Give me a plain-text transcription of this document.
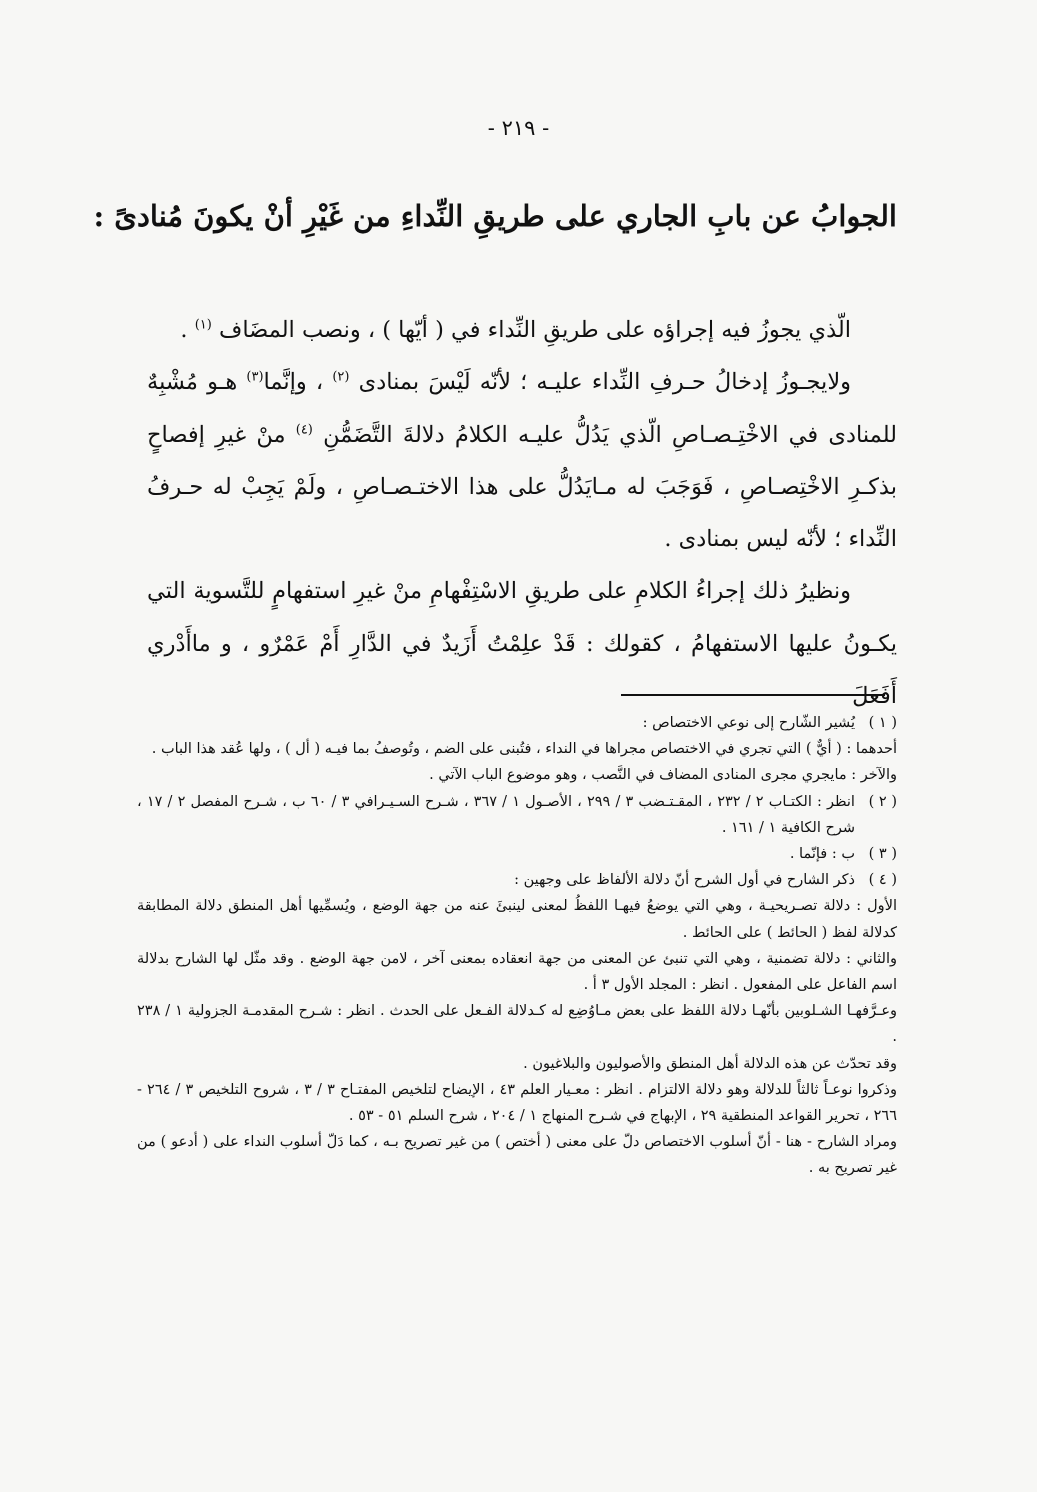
- ٢١٩ -
الجوابُ عن بابِ الجاري على طريقِ النِّداءِ من غَيْرِ أنْ يكونَ مُنادىً :

الّذي يجوزُ فيه إجراؤه على طريقِ النِّداء في ( أيّها ) ، ونصب المضَاف $^{(١)}$ .

ولايجـوزُ إدخالُ حـرفِ النِّداء عليـه ؛ لأنّه لَيْسَ بمنادى $^{(٢)}$ ، وإنَّما$^{(٣)}$ هـو مُشْبِهٌ للمنادى في الاخْتِـصـاصِ الّذي يَدُلُّ عليـه الكلامُ دلالةَ التَّضَمُّنِ $^{(٤)}$ منْ غيرِ إفصاحٍ بذكـرِ الاخْتِصـاصِ ، فَوَجَبَ له مـايَدُلُّ على هذا الاختـصـاصِ ، ولَمْ يَجِبْ له حـرفُ النِّداء ؛ لأنّه ليس بمنادى .

ونظيرُ ذلك إجراءُ الكلامِ على طريقِ الاسْتِفْهامِ منْ غيرِ استفهامٍ للتَّسوية التي يكـونُ عليها الاستفهامُ ، كقولك : قَدْ علِمْتُ أَزَيدٌ في الدَّارِ أَمْ عَمْرٌو ، و ماأَدْري أَفَعَلَ

( ١ )
يُشير الشّارح إلى نوعي الاختصاص :

أحدهما : ( أيٌّ ) التي تجري في الاختصاص مجراها في النداء ، فتُبنى على الضم ، وتُوصفُ بما فيـه ( أل ) ، ولها عُقد هذا الباب .

والآخر : مايجري مجرى المنادى المضاف في النَّصب ، وهو موضوع الباب الآتي .

( ٢ )
انظر : الكتـاب ٢ / ٢٣٢ ، المقـتـضب ٣ / ٢٩٩ ، الأصـول ١ / ٣٦٧ ، شـرح السـيـرافي ٣ / ٦٠ ب ، شـرح المفصل ٢ / ١٧ ، شرح الكافية ١ / ١٦١ .
( ٣ )
ب : فإنّما .
( ٤ )
ذكر الشارح في أول الشرح أنّ دلالة الألفاظ على وجهين :

الأول : دلالة تصـريحيـة ، وهي التي يوضعُ فيهـا اللفظُ لمعنى لينبئَ عنه من جهة الوضع ، ويُسمِّيها أهل المنطق دلالة المطابقة كدلالة لفظ ( الحائط ) على الحائط .

والثاني : دلالة تضمنية ، وهي التي تنبئ عن المعنى من جهة انعقاده بمعنى آخر ، لامن جهة الوضع . وقد مثّل لها الشارح بدلالة اسم الفاعل على المفعول . انظر : المجلد الأول ٣ أ .

وعـرَّفهـا الشـلوبين بأنّهـا دلالة اللفظ على بعض مـاوُضِع له كـدلالة الفـعل على الحدث . انظر : شـرح المقدمـة الجزولية ١ / ٢٣٨ .

وقد تحدّث عن هذه الدلالة أهل المنطق والأصوليون والبلاغيون .

وذكروا نوعـاً ثالثاً للدلالة وهو دلالة الالتزام . انظر : معـيار العلم ٤٣ ، الإيضاح لتلخيص المفتـاح ٣ / ٣ ، شروح التلخيص ٣ / ٢٦٤ - ٢٦٦ ، تحرير القواعد المنطقية ٢٩ ، الإبهاج في شـرح المنهاج ١ / ٢٠٤ ، شرح السلم ٥١ - ٥٣ .

ومراد الشارح - هنا - أنّ أسلوب الاختصاص دلّ على معنى ( أختص ) من غير تصريح بـه ، كما دَلّ أسلوب النداء على ( أدعو ) من غير تصريح به .
